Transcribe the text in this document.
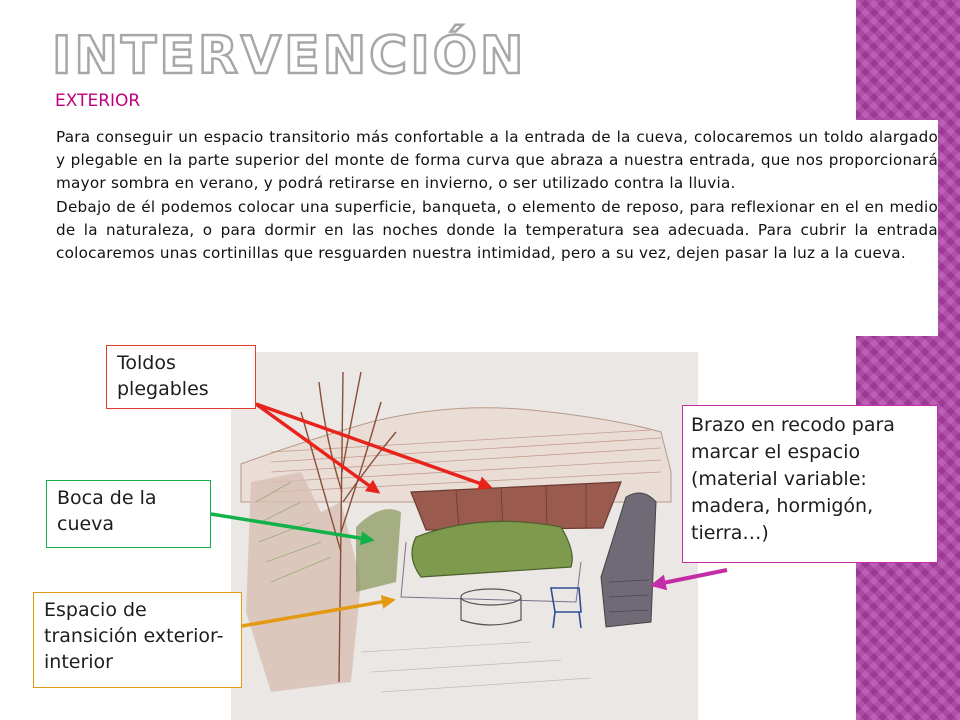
INTERVENCIÓN
EXTERIOR

Para conseguir un espacio transitorio más confortable a la entrada de la cueva, colocaremos un toldo alargado y plegable en la parte superior del monte de forma curva que abraza a nuestra entrada, que nos proporcionará mayor sombra en verano, y podrá retirarse en invierno, o ser utilizado contra la lluvia.

Debajo de él podemos colocar una superficie, banqueta, o elemento de reposo, para reflexionar en el en medio de la naturaleza, o para dormir en las noches donde la temperatura sea adecuada. Para cubrir la entrada colocaremos unas cortinillas que resguarden nuestra intimidad, pero a su vez, dejen pasar la luz a la cueva.

Toldos plegables
Boca de la cueva
Espacio de transición exterior-interior
Brazo en recodo para marcar el espacio (material variable: madera, hormigón, tierra…)
